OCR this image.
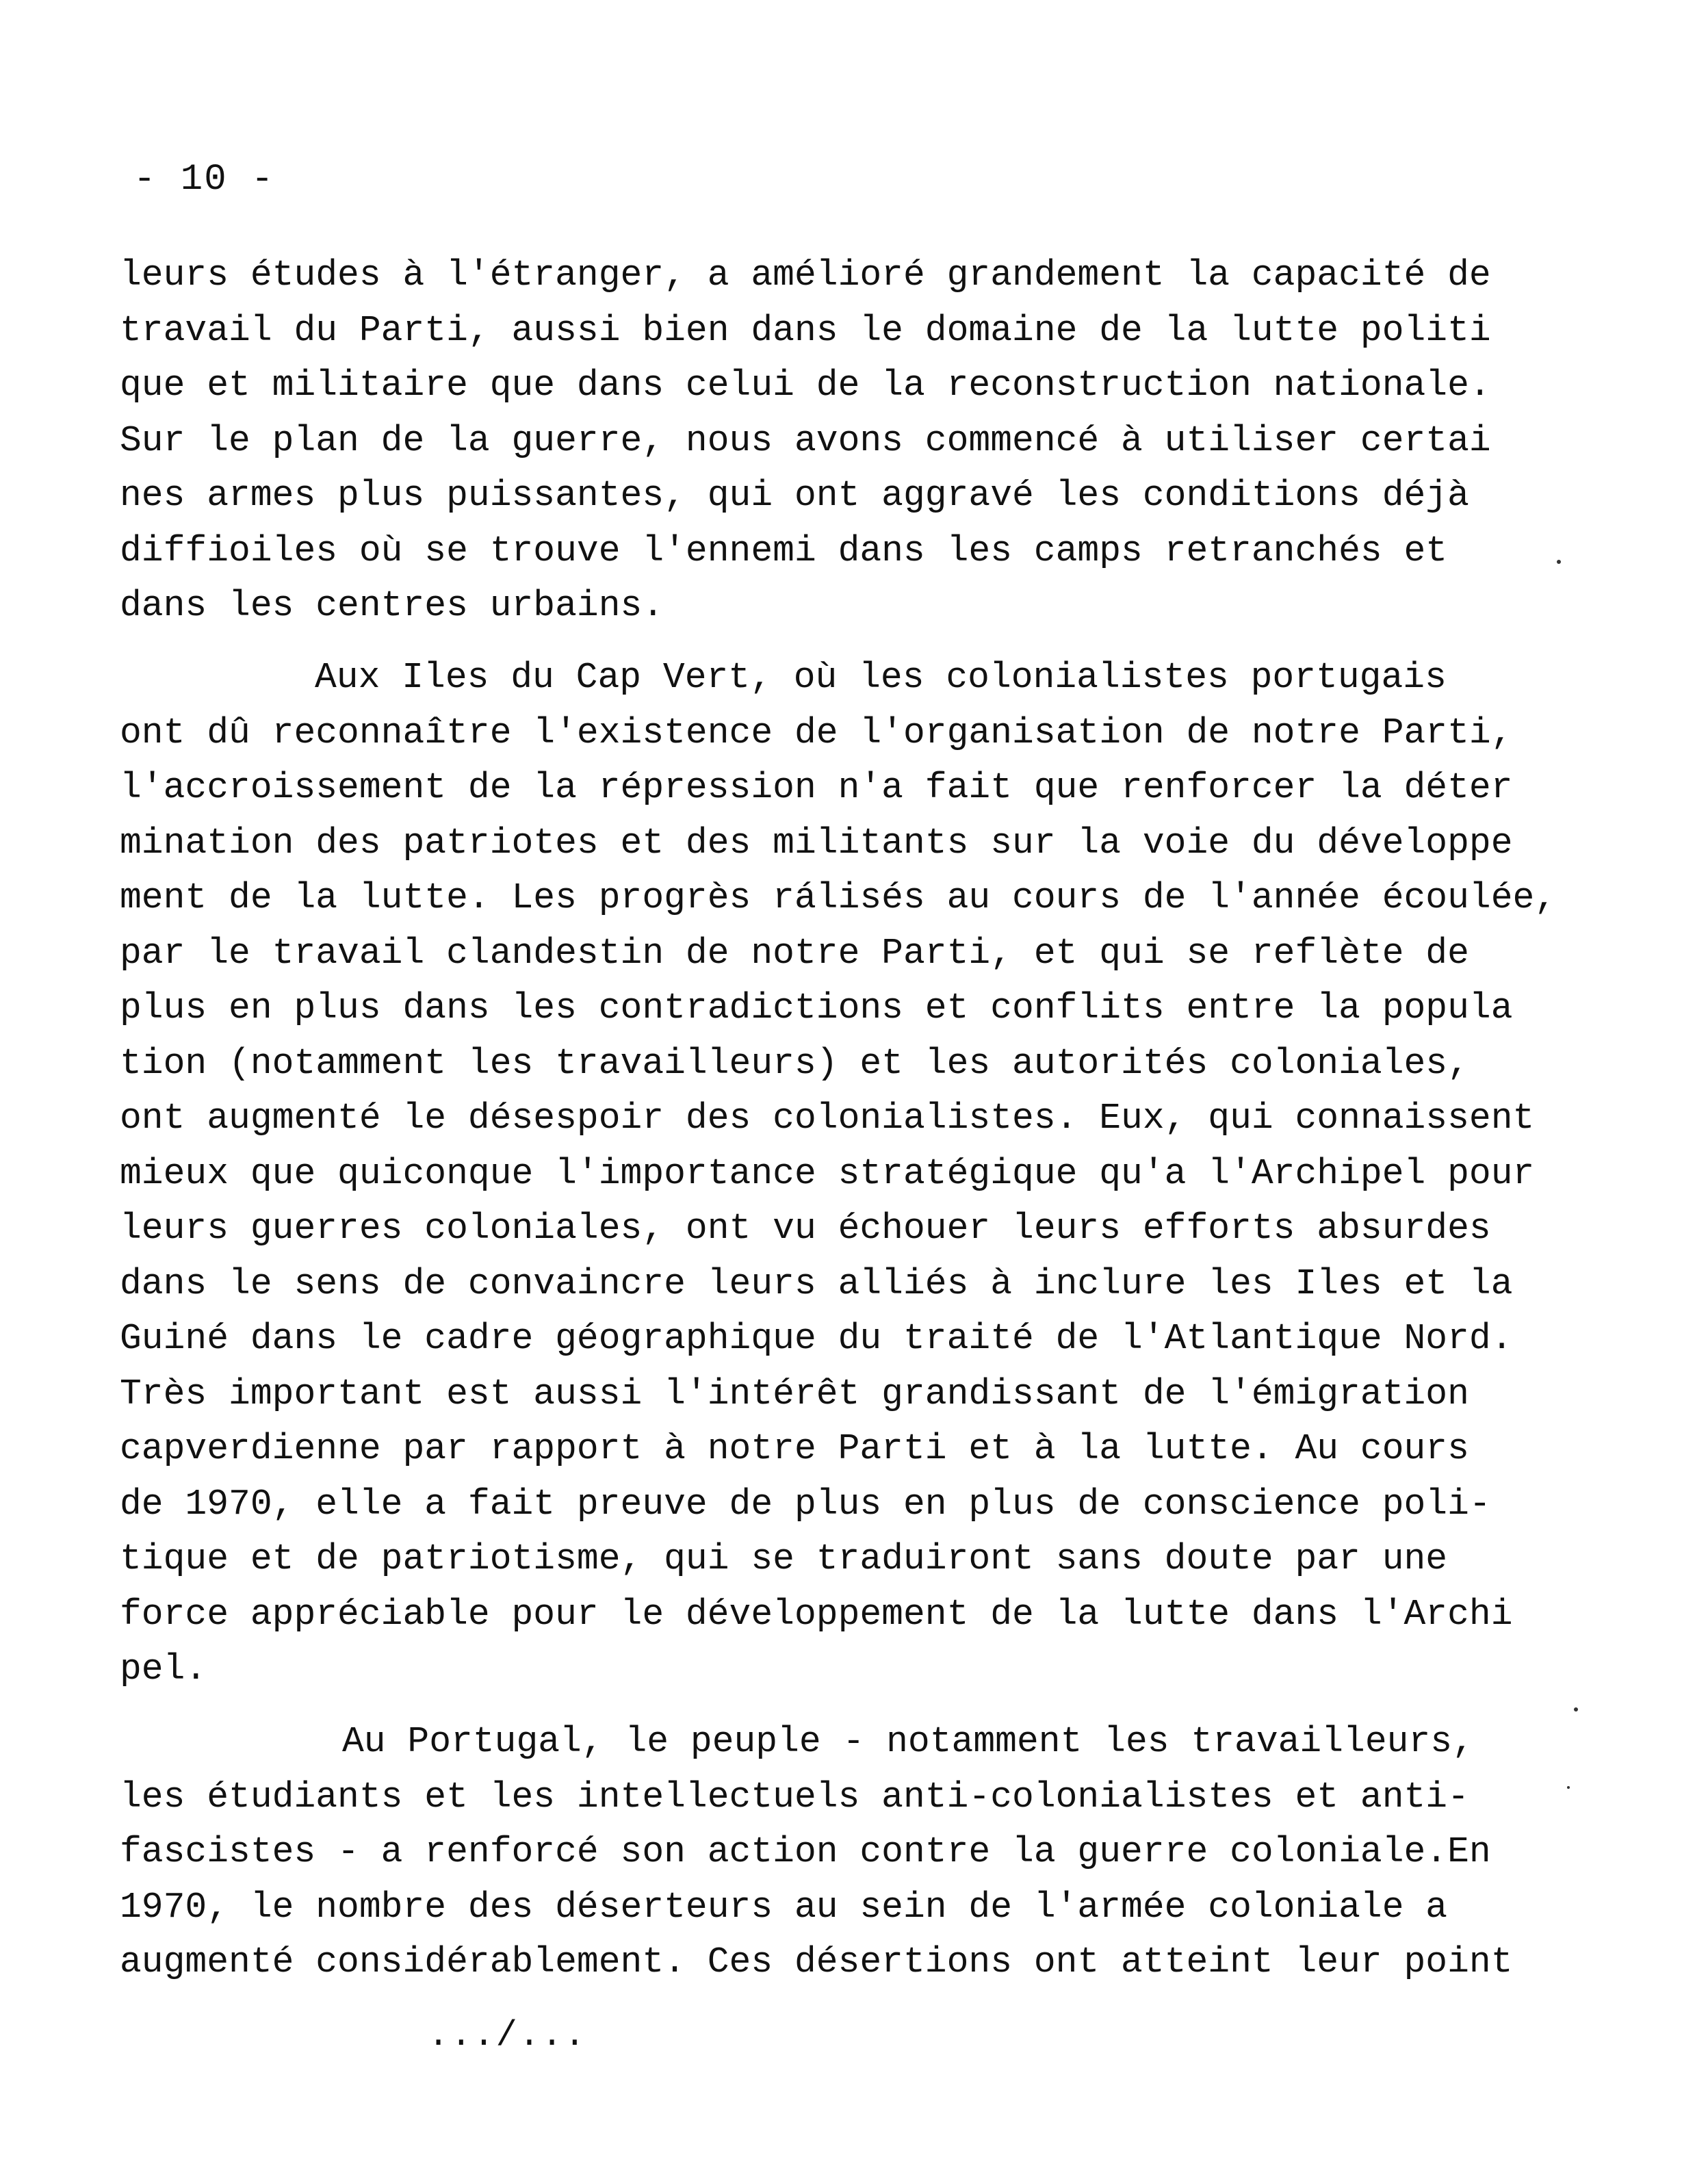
- 10 -
leurs études à l'étranger, a amélioré grandement la capacité de
travail du Parti, aussi bien dans le domaine de la lutte politi
que et militaire que dans celui de la reconstruction nationale.
Sur le plan de la guerre, nous avons commencé à utiliser certai
nes armes plus puissantes, qui ont aggravé les conditions déjà
diffioiles où se trouve l'ennemi dans les camps retranchés et
dans les centres urbains.
Aux Iles du Cap Vert, où les colonialistes portugais
ont dû reconnaître l'existence de l'organisation de notre Parti,
l'accroissement de la répression n'a fait que renforcer la déter
mination des patriotes et des militants sur la voie du développe
ment de la lutte. Les progrès rálisés au cours de l'année écoulée,
par le travail clandestin de notre Parti, et qui se reflète de
plus en plus dans les contradictions et conflits entre la popula
tion (notamment les travailleurs) et les autorités coloniales,
ont augmenté le désespoir des colonialistes. Eux, qui connaissent
mieux que quiconque l'importance stratégique qu'a l'Archipel pour
leurs guerres coloniales, ont vu échouer leurs efforts absurdes
dans le sens de convaincre leurs alliés à inclure les Iles et la
Guiné dans le cadre géographique du traité de l'Atlantique Nord.
Très important est aussi l'intérêt grandissant de l'émigration
capverdienne par rapport à notre Parti et à la lutte. Au cours
de 1970, elle a fait preuve de plus en plus de conscience poli-
tique et de patriotisme, qui se traduiront sans doute par une
force appréciable pour le développement de la lutte dans l'Archi
pel.
Au Portugal, le peuple - notamment les travailleurs,
les étudiants et les intellectuels anti-colonialistes et anti-
fascistes - a renforcé son action contre la guerre coloniale.En
1970, le nombre des déserteurs au sein de l'armée coloniale a
augmenté considérablement. Ces désertions ont atteint leur point
.../...
